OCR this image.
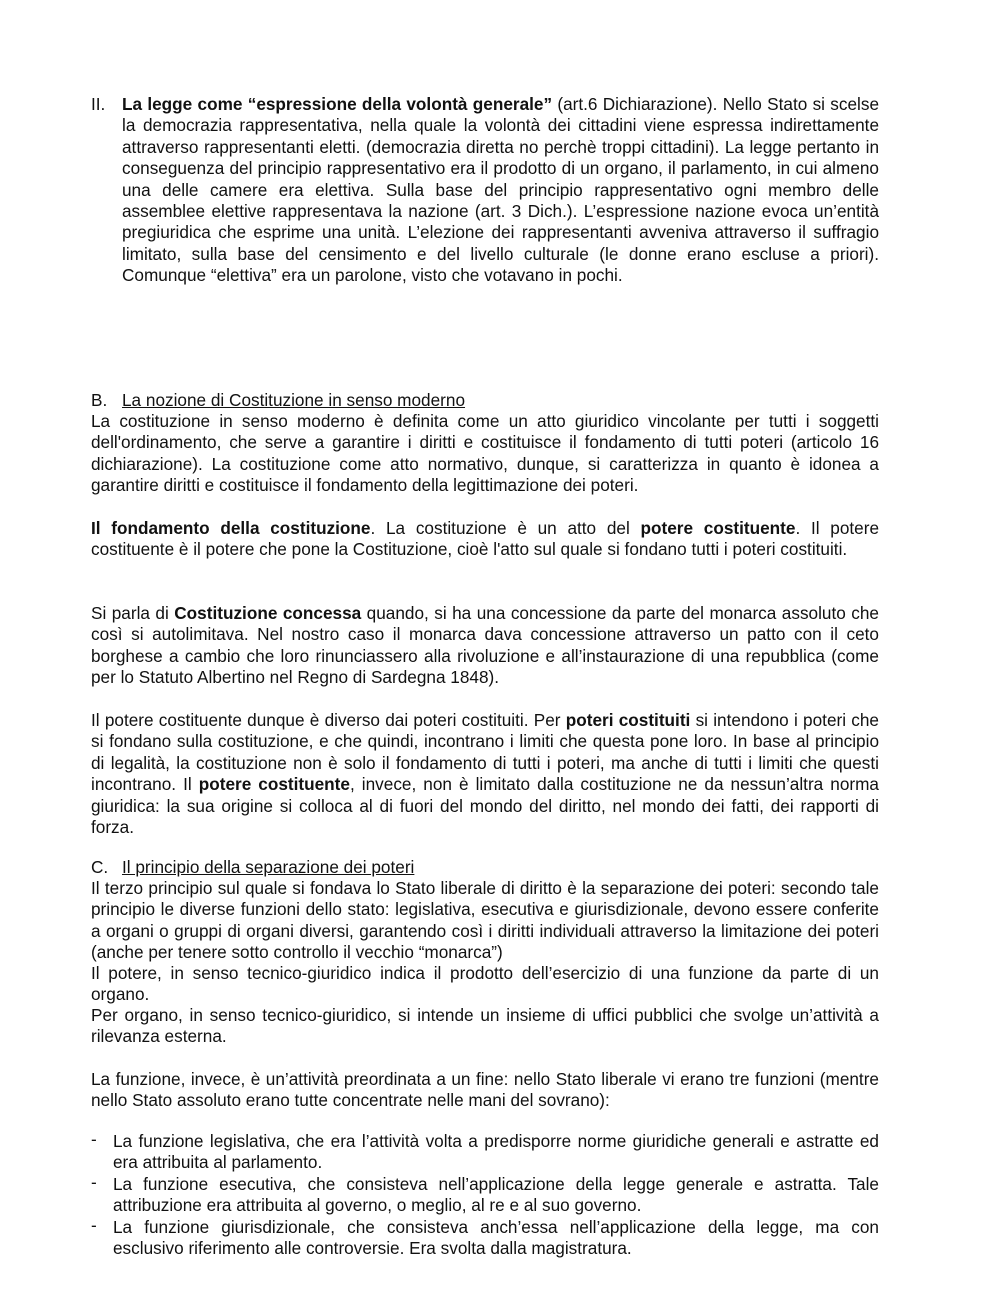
II. La legge come “espressione della volontà generale” (art.6 Dichiarazione). Nello Stato si scelse la democrazia rappresentativa, nella quale la volontà dei cittadini viene espressa indirettamente attraverso rappresentanti eletti. (democrazia diretta no perchè troppi cittadini). La legge pertanto in conseguenza del principio rappresentativo era il prodotto di un organo, il parlamento, in cui almeno una delle camere era elettiva. Sulla base del principio rappresentativo ogni membro delle assemblee elettive rappresentava la nazione (art. 3 Dich.). L’espressione nazione evoca un’entità pregiuridica che esprime una unità. L’elezione dei rappresentanti avveniva attraverso il suffragio limitato, sulla base del censimento e del livello culturale (le donne erano escluse a priori). Comunque “elettiva” era un parolone, visto che votavano in pochi.

B. La nozione di Costituzione in senso moderno

La costituzione in senso moderno è definita come un atto giuridico vincolante per tutti i soggetti dell'ordinamento, che serve a garantire i diritti e costituisce il fondamento di tutti poteri (articolo 16 dichiarazione). La costituzione come atto normativo, dunque, si caratterizza in quanto è idonea a garantire diritti e costituisce il fondamento della legittimazione dei poteri.

Il fondamento della costituzione. La costituzione è un atto del potere costituente. Il potere costituente è il potere che pone la Costituzione, cioè l'atto sul quale si fondano tutti i poteri costituiti.

Si parla di Costituzione concessa quando, si ha una concessione da parte del monarca assoluto che così si autolimitava. Nel nostro caso il monarca dava concessione attraverso un patto con il ceto borghese a cambio che loro rinunciassero alla rivoluzione e all’instaurazione di una repubblica (come per lo Statuto Albertino nel Regno di Sardegna 1848).

Il potere costituente dunque è diverso dai poteri costituiti. Per poteri costituiti si intendono i poteri che si fondano sulla costituzione, e che quindi, incontrano i limiti che questa pone loro. In base al principio di legalità, la costituzione non è solo il fondamento di tutti i poteri, ma anche di tutti i limiti che questi incontrano. Il potere costituente, invece, non è limitato dalla costituzione ne da nessun’altra norma giuridica: la sua origine si colloca al di fuori del mondo del diritto, nel mondo dei fatti, dei rapporti di forza.

C. Il principio della separazione dei poteri

Il terzo principio sul quale si fondava lo Stato liberale di diritto è la separazione dei poteri: secondo tale principio le diverse funzioni dello stato: legislativa, esecutiva e giurisdizionale, devono essere conferite a organi o gruppi di organi diversi, garantendo così i diritti individuali attraverso la limitazione dei poteri (anche per tenere sotto controllo il vecchio “monarca”)

Il potere, in senso tecnico-giuridico indica il prodotto dell’esercizio di una funzione da parte di un organo.

Per organo, in senso tecnico-giuridico, si intende un insieme di uffici pubblici che svolge un’attività a rilevanza esterna.

La funzione, invece, è un’attività preordinata a un fine: nello Stato liberale vi erano tre funzioni (mentre nello Stato assoluto erano tutte concentrate nelle mani del sovrano):

- La funzione legislativa, che era l’attività volta a predisporre norme giuridiche generali e astratte ed era attribuita al parlamento.
- La funzione esecutiva, che consisteva nell’applicazione della legge generale e astratta. Tale attribuzione era attribuita al governo, o meglio, al re e al suo governo.
- La funzione giurisdizionale, che consisteva anch’essa nell’applicazione della legge, ma con esclusivo riferimento alle controversie. Era svolta dalla magistratura.
